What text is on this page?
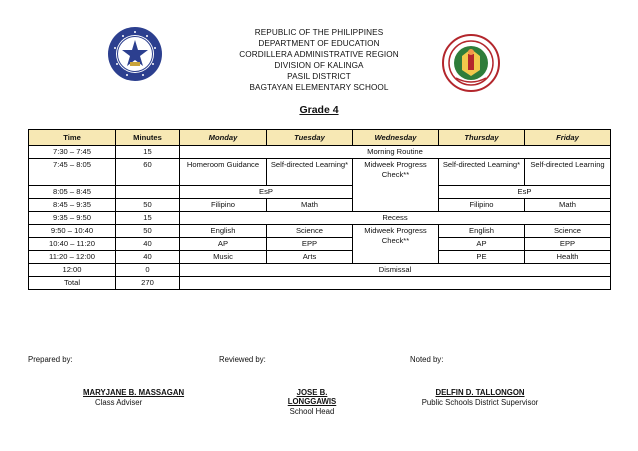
REPUBLIC OF THE PHILIPPINES
DEPARTMENT OF EDUCATION
CORDILLERA ADMINISTRATIVE REGION
DIVISION OF KALINGA
PASIL DISTRICT
BAGTAYAN ELEMENTARY SCHOOL
Grade 4
Time	Minutes	Monday	Tuesday	Wednesday	Thursday	Friday
7:30 – 7:45	15	Morning Routine				
7:45 – 8:05	60	Homeroom Guidance	Self-directed Learning*	Midweek Progress Check**	Self-directed Learning*	Self-directed Learning
8:05 – 8:45		EsP			EsP	
8:45 – 9:35	50	Filipino	Math		Filipino	Math
9:35 – 9:50	15	Recess				
9:50 – 10:40	50	English	Science	Midweek Progress Check**	English	Science
10:40 – 11:20	40	AP	EPP		AP	EPP
11:20 – 12:00	40	Music	Arts		PE	Health
12:00	0	Dismissal				
Total	270					
Prepared by:	Reviewed by:	Noted by:
MARYJANE B. MASSAGAN
Class Adviser
JOSE B. LONGGAWIS
School Head
DELFIN D. TALLONGON
Public Schools District Supervisor
